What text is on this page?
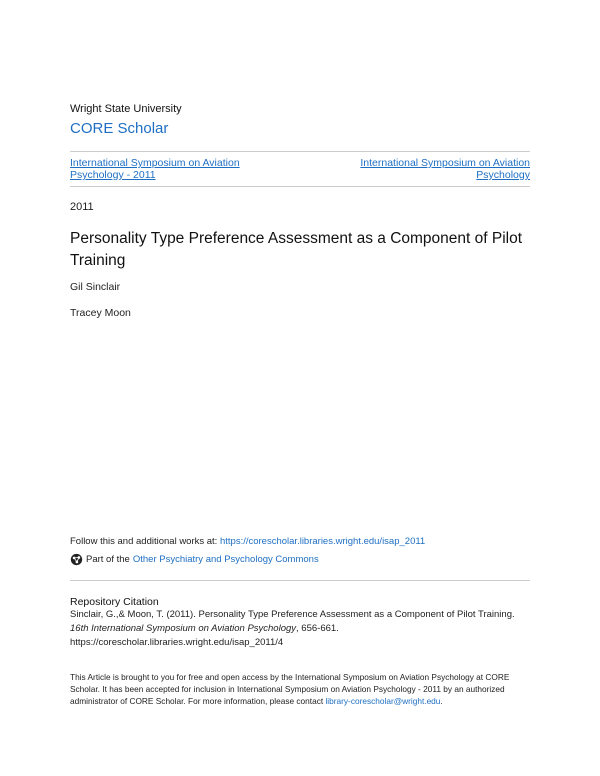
Wright State University
CORE Scholar
International Symposium on Aviation
Psychology - 2011
International Symposium on Aviation
Psychology
2011
Personality Type Preference Assessment as a Component of Pilot Training
Gil Sinclair
Tracey Moon
Follow this and additional works at: https://corescholar.libraries.wright.edu/isap_2011
Part of the Other Psychiatry and Psychology Commons
Repository Citation
Sinclair, G.,& Moon, T. (2011). Personality Type Preference Assessment as a Component of Pilot Training.
16th International Symposium on Aviation Psychology, 656-661.
https://corescholar.libraries.wright.edu/isap_2011/4
This Article is brought to you for free and open access by the International Symposium on Aviation Psychology at CORE Scholar. It has been accepted for inclusion in International Symposium on Aviation Psychology - 2011 by an authorized administrator of CORE Scholar. For more information, please contact library-corescholar@wright.edu.
